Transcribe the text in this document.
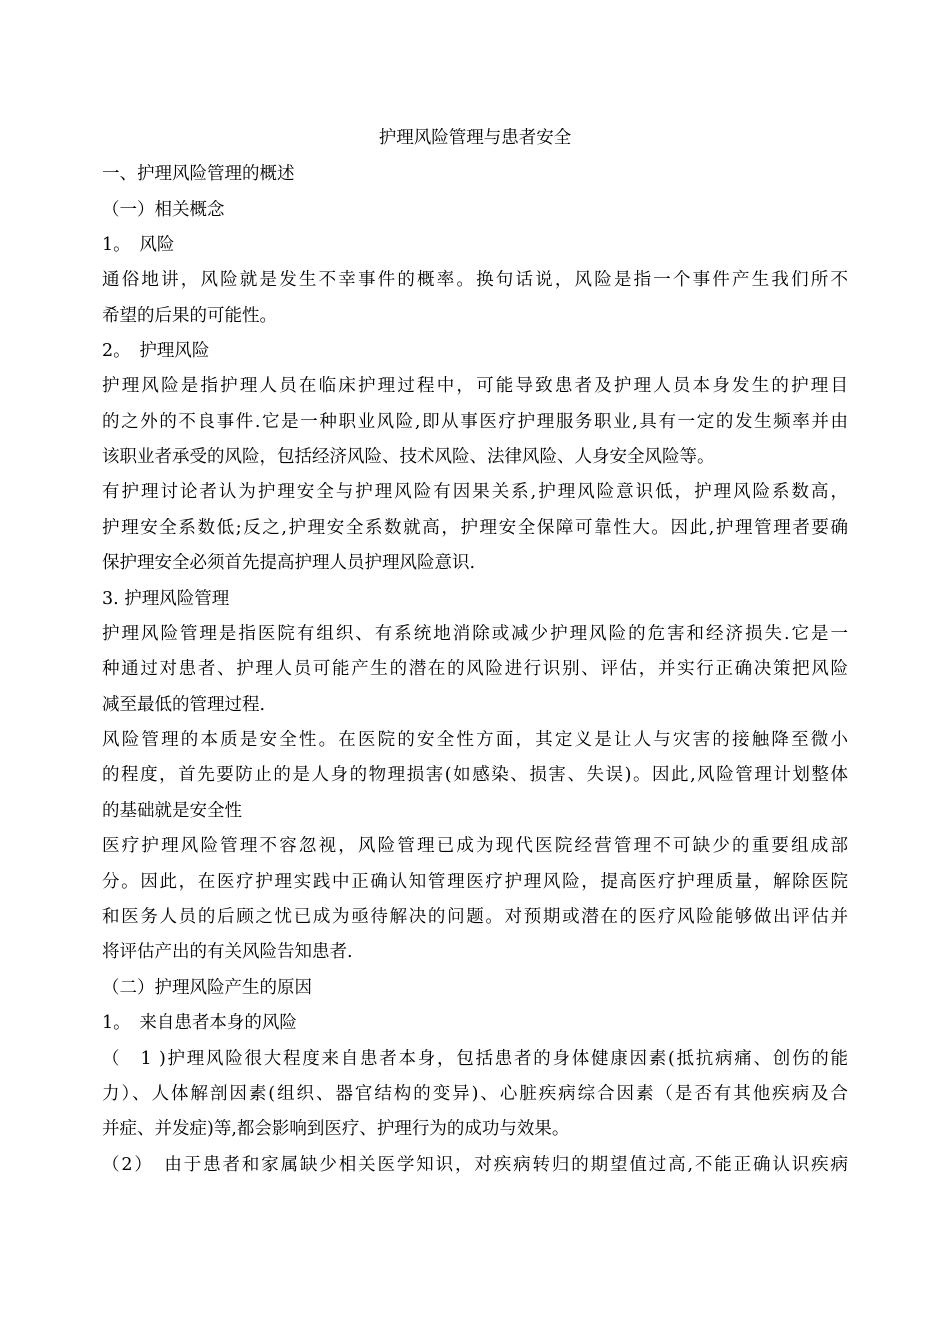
护理风险管理与患者安全
一、护理风险管理的概述
（一）相关概念
1。　风险
通俗地讲，风险就是发生不幸事件的概率。换句话说，风险是指一个事件产生我们所不
希望的后果的可能性。
2。　护理风险
护理风险是指护理人员在临床护理过程中，可能导致患者及护理人员本身发生的护理目
的之外的不良事件.它是一种职业风险,即从事医疗护理服务职业,具有一定的发生频率并由
该职业者承受的风险，包括经济风险、技术风险、法律风险、人身安全风险等。
有护理讨论者认为护理安全与护理风险有因果关系,护理风险意识低，护理风险系数高，
护理安全系数低;反之,护理安全系数就高，护理安全保障可靠性大。因此,护理管理者要确
保护理安全必须首先提高护理人员护理风险意识.
3. 护理风险管理
护理风险管理是指医院有组织、有系统地消除或减少护理风险的危害和经济损失.它是一
种通过对患者、护理人员可能产生的潜在的风险进行识别、评估，并实行正确决策把风险
减至最低的管理过程.
风险管理的本质是安全性。在医院的安全性方面，其定义是让人与灾害的接触降至微小
的程度，首先要防止的是人身的物理损害(如感染、损害、失误)。因此,风险管理计划整体
的基础就是安全性
医疗护理风险管理不容忽视，风险管理已成为现代医院经营管理不可缺少的重要组成部
分。因此，在医疗护理实践中正确认知管理医疗护理风险，提高医疗护理质量，解除医院
和医务人员的后顾之忧已成为亟待解决的问题。对预期或潜在的医疗风险能够做出评估并
将评估产出的有关风险告知患者.
（二）护理风险产生的原因
1。　来自患者本身的风险
（　1 )护理风险很大程度来自患者本身，包括患者的身体健康因素(抵抗病痛、创伤的能
力）、人体解剖因素(组织、器官结构的变异)、心脏疾病综合因素（是否有其他疾病及合
并症、并发症)等,都会影响到医疗、护理行为的成功与效果。
（2）　由于患者和家属缺少相关医学知识，对疾病转归的期望值过高,不能正确认识疾病
